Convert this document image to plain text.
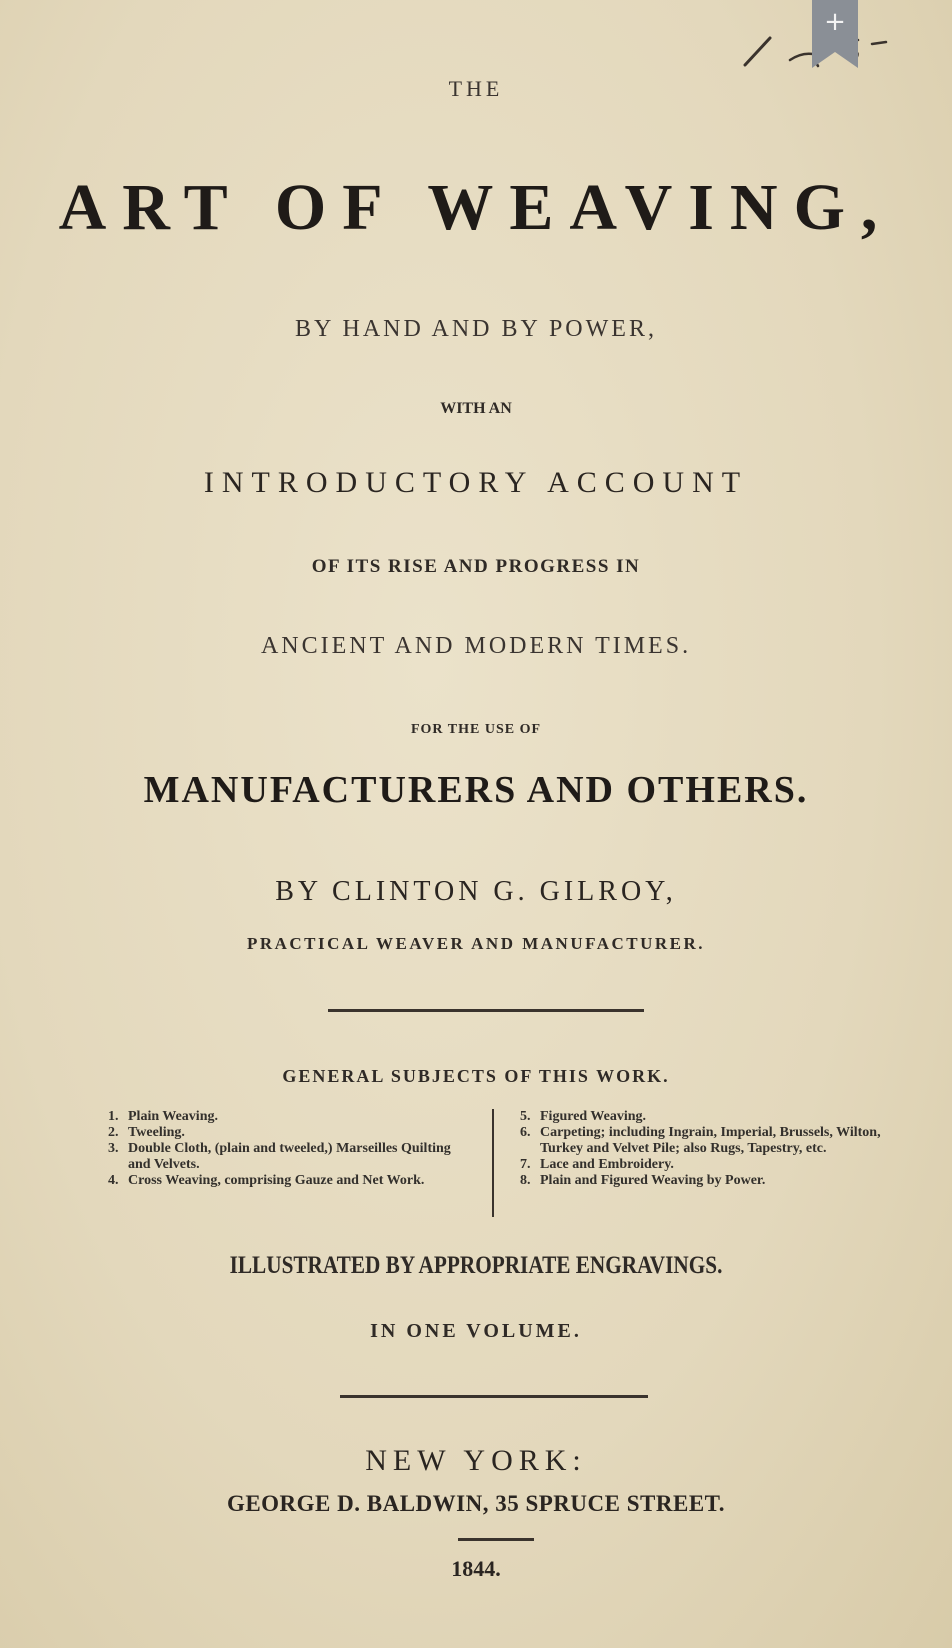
THE
ART OF WEAVING,
BY HAND AND BY POWER,
WITH AN
INTRODUCTORY ACCOUNT
OF ITS RISE AND PROGRESS IN
ANCIENT AND MODERN TIMES.
FOR THE USE OF
MANUFACTURERS AND OTHERS.
BY CLINTON G. GILROY,
PRACTICAL WEAVER AND MANUFACTURER.
GENERAL SUBJECTS OF THIS WORK.
1. Plain Weaving.
2. Tweeling.
3. Double Cloth, (plain and tweeled,) Marseilles Quilting and Velvets.
4. Cross Weaving, comprising Gauze and Net Work.
5. Figured Weaving.
6. Carpeting; including Ingrain, Imperial, Brussels, Wilton, Turkey and Velvet Pile; also Rugs, Tapestry, etc.
7. Lace and Embroidery.
8. Plain and Figured Weaving by Power.
ILLUSTRATED BY APPROPRIATE ENGRAVINGS.
IN ONE VOLUME.
NEW YORK:
GEORGE D. BALDWIN, 35 SPRUCE STREET.
1844.
+
